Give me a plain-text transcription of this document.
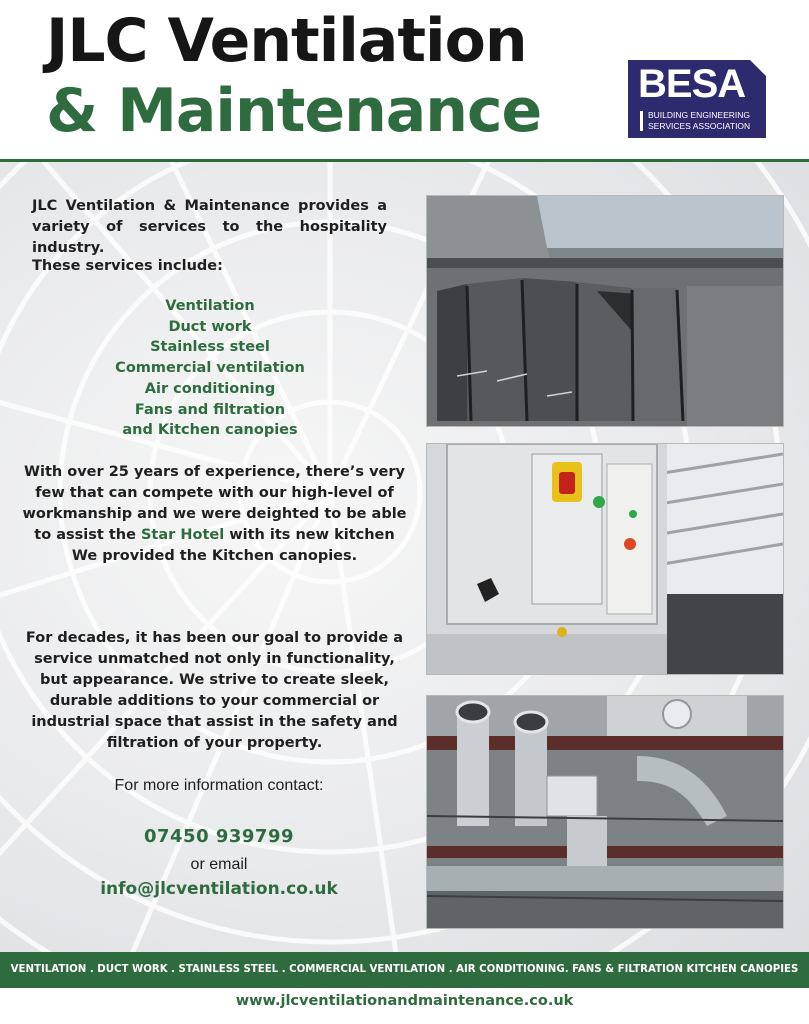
JLC Ventilation
& Maintenance BESA
BUILDING ENGINEERING
SERVICES ASSOCIATION
JLC Ventilation & Maintenance provides a variety of services to the hospitality industry.
These services include:
Ventilation
Duct work
Stainless steel
Commercial ventilation
Air conditioning
Fans and filtration
and Kitchen canopies
With over 25 years of experience, there’s very few that can compete with our high-level of workmanship and we were deighted to be able to assist the Star Hotel with its new kitchen We provided the Kitchen canopies.
For decades, it has been our goal to provide a service unmatched not only in functionality, but appearance. We strive to create sleek, durable additions to your commercial or industrial space that assist in the safety and filtration of your property.
For more information contact:
07450 939799
or email
info@jlcventilation.co.uk
VENTILATION . DUCT WORK . STAINLESS STEEL . COMMERCIAL VENTILATION . AIR CONDITIONING. FANS & FILTRATION KITCHEN CANOPIES
www.jlcventilationandmaintenance.co.uk
